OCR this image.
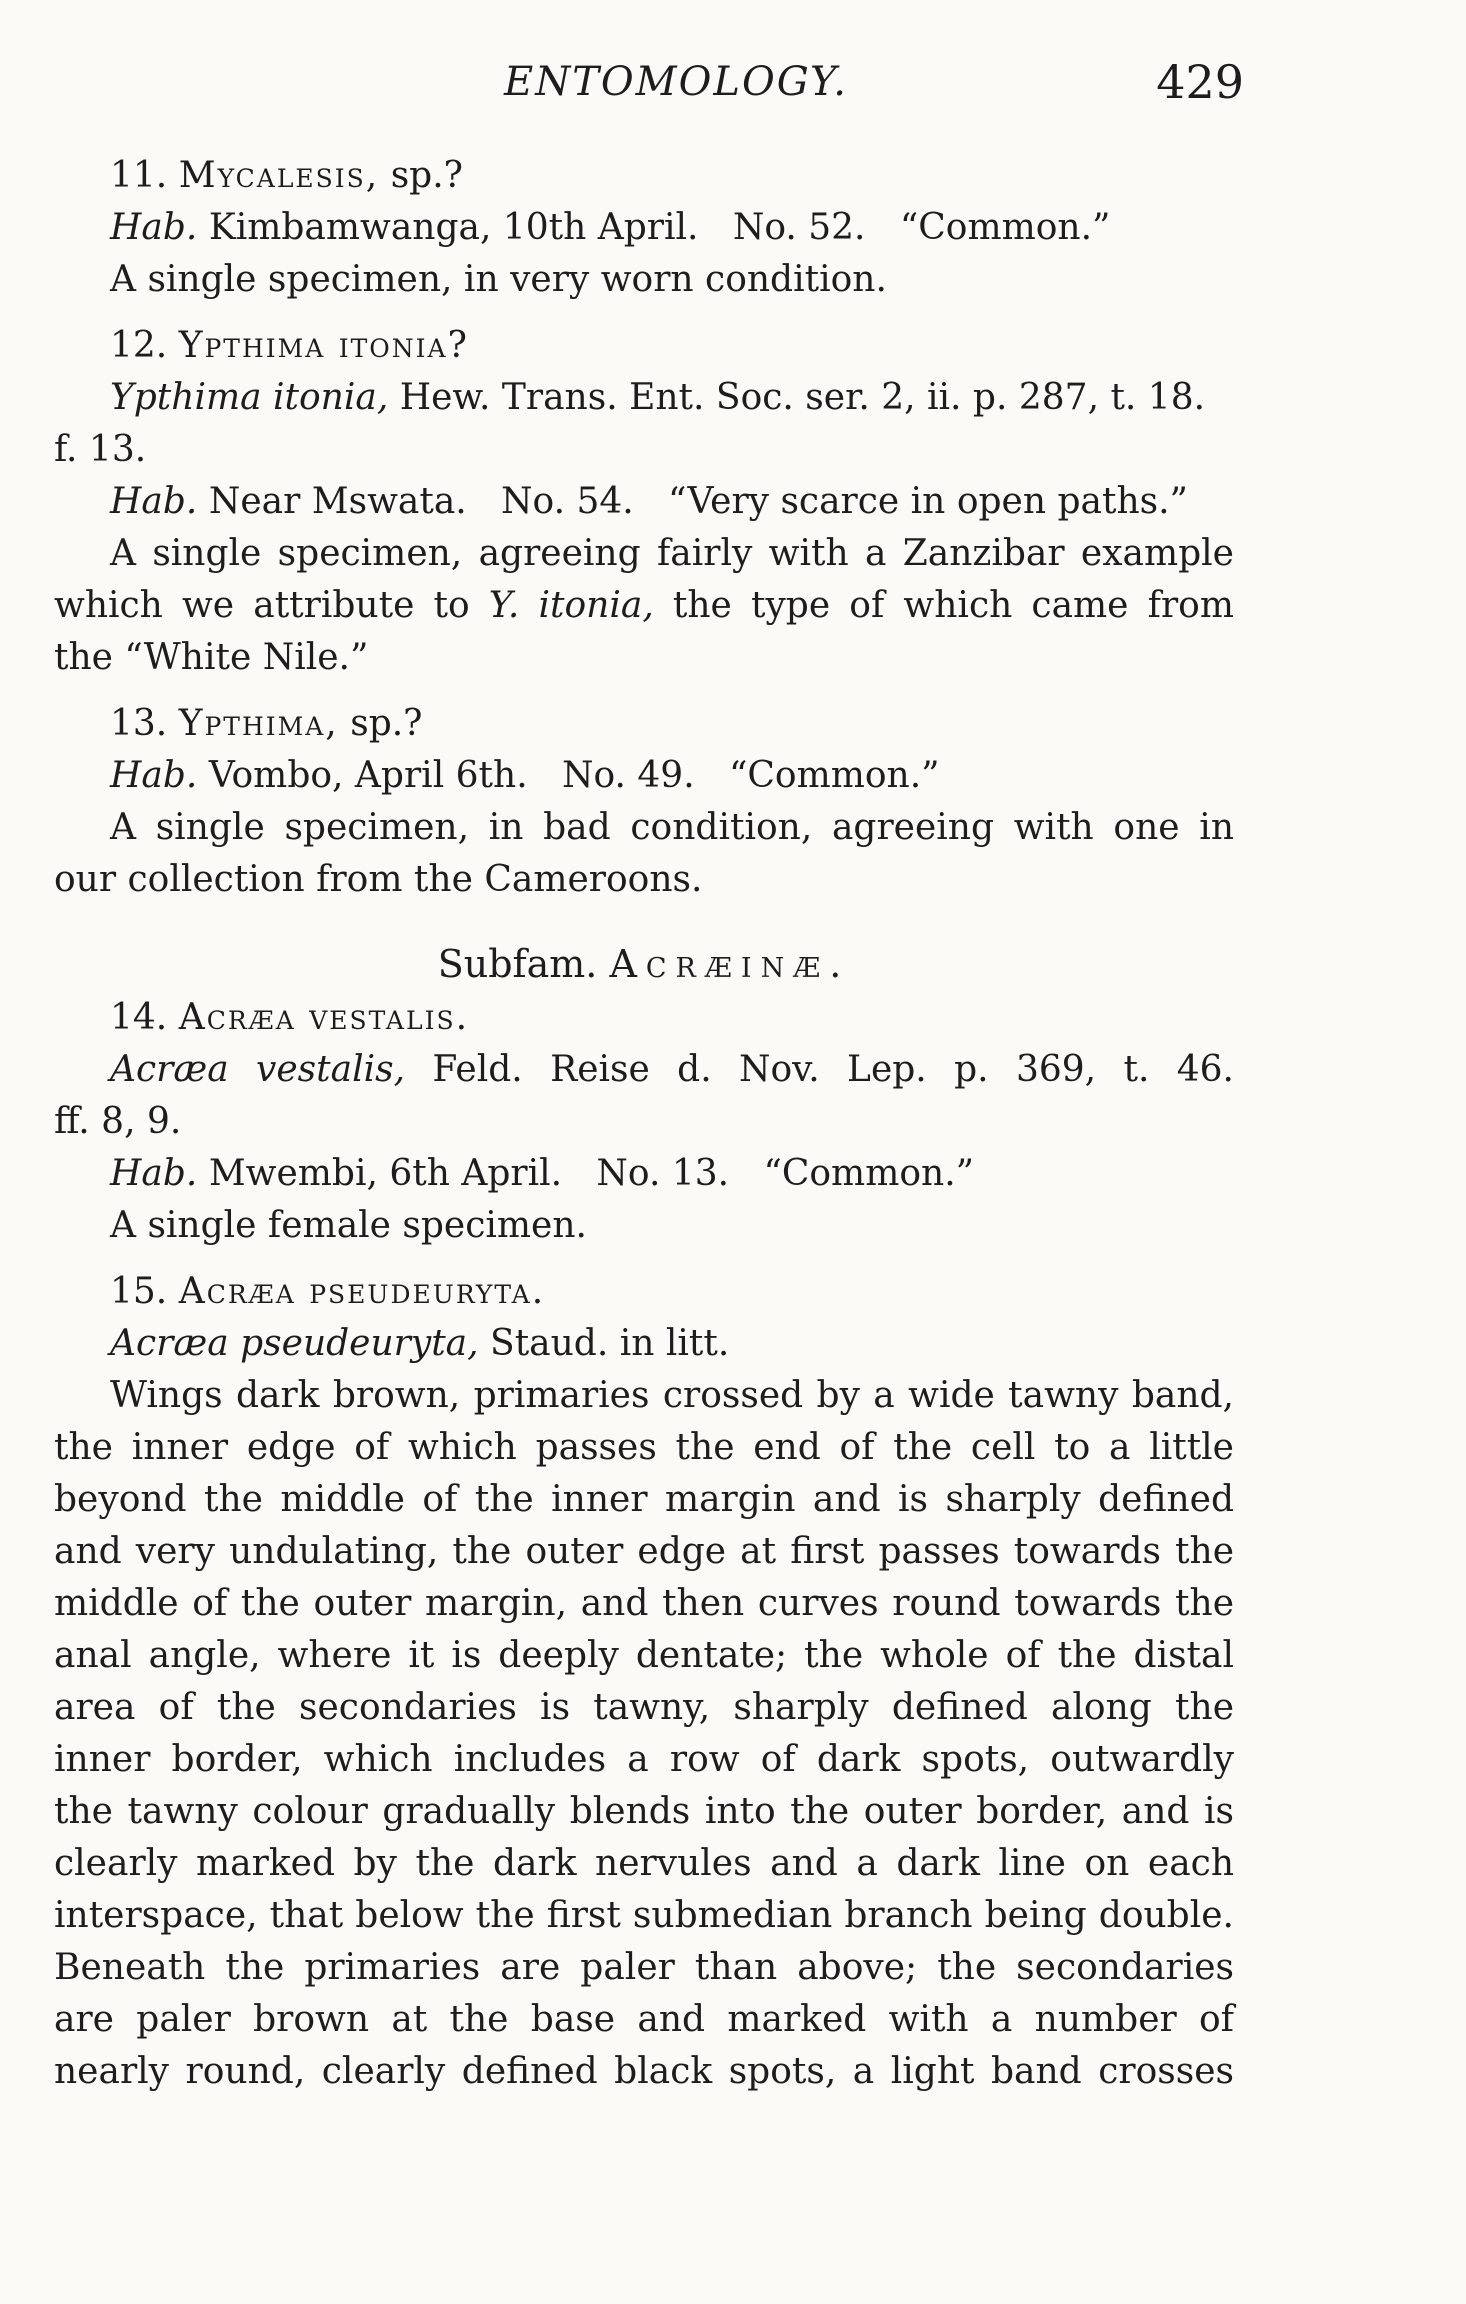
ENTOMOLOGY.	429

11. Mycalesis, sp.?

Hab. Kimbamwanga, 10th April.   No. 52.   “Common.”

A single specimen, in very worn condition.

12. Ypthima itonia?

Ypthima itonia, Hew. Trans. Ent. Soc. ser. 2, ii. p. 287, t. 18.

f. 13.

Hab. Near Mswata.   No. 54.   “Very scarce in open paths.”

A single specimen, agreeing fairly with a Zanzibar example

which we attribute to Y. itonia, the type of which came from

the “White Nile.”

13. Ypthima, sp.?

Hab. Vombo, April 6th.   No. 49.   “Common.”

A single specimen, in bad condition, agreeing with one in

our collection from the Cameroons.

Subfam. Acræinæ.

14. Acræa vestalis.

Acræa vestalis, Feld. Reise d. Nov. Lep. p. 369, t. 46.

ff. 8, 9.

Hab. Mwembi, 6th April.   No. 13.   “Common.”

A single female specimen.

15. Acræa pseudeuryta.

Acræa pseudeuryta, Staud. in litt.

Wings dark brown, primaries crossed by a wide tawny band,

the inner edge of which passes the end of the cell to a little

beyond the middle of the inner margin and is sharply defined

and very undulating, the outer edge at first passes towards the

middle of the outer margin, and then curves round towards the

anal angle, where it is deeply dentate; the whole of the distal

area of the secondaries is tawny, sharply defined along the

inner border, which includes a row of dark spots, outwardly

the tawny colour gradually blends into the outer border, and is

clearly marked by the dark nervules and a dark line on each

interspace, that below the first submedian branch being double.

Beneath the primaries are paler than above; the secondaries

are paler brown at the base and marked with a number of

nearly round, clearly defined black spots, a light band crosses
